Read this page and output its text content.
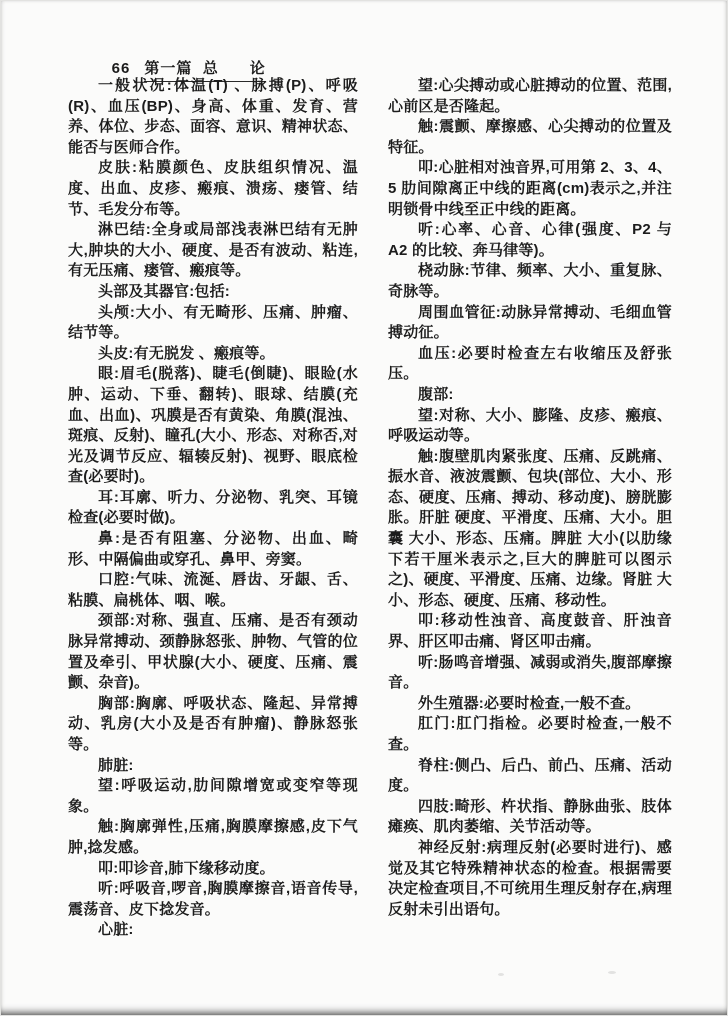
66 第一篇  总      论

一般状况:体温(T) 、脉搏(P)、呼吸(R)、血压(BP)、身高、体重、发育、营养、体位、步态、面容、意识、精神状态、能否与医师合作。

皮肤:粘膜颜色、皮肤组织情况、温度、出血、皮疹、瘢痕、溃疡、瘘管、结节、毛发分布等。

淋巴结:全身或局部浅表淋巴结有无肿大,肿块的大小、硬度、是否有波动、粘连,有无压痛、瘘管、瘢痕等。

头部及其器官:包括:

头颅:大小、有无畸形、压痛、肿瘤、结节等。

头皮:有无脱发 、瘢痕等。

眼:眉毛(脱落)、睫毛(倒睫)、眼睑(水肿、运动、下垂、翻转)、眼球、结膜(充血、出血)、巩膜是否有黄染、角膜(混浊、斑痕、反射)、瞳孔(大小、形态、对称否,对光及调节反应、辐辏反射)、视野、眼底检查(必要时)。

耳:耳廓、听力、分泌物、乳突、耳镜检查(必要时做)。

鼻:是否有阻塞、分泌物、出血、畸形、中隔偏曲或穿孔、鼻甲、旁窦。

口腔:气味、流涎、唇齿、牙龈、舌、粘膜、扁桃体、咽、喉。

颈部:对称、强直、压痛、是否有颈动脉异常搏动、颈静脉怒张、肿物、气管的位置及牵引、甲状腺(大小、硬度、压痛、震颤、杂音)。

胸部:胸廓、呼吸状态、隆起、异常搏动、乳房(大小及是否有肿瘤)、静脉怒张等。

肺脏:

望:呼吸运动,肋间隙增宽或变窄等现象。

触:胸廓弹性,压痛,胸膜摩擦感,皮下气肿,捻发感。

叩:叩诊音,肺下缘移动度。

听:呼吸音,啰音,胸膜摩擦音,语音传导,震荡音、皮下捻发音。

心脏:

望:心尖搏动或心脏搏动的位置、范围,心前区是否隆起。

触:震颤、摩擦感、心尖搏动的位置及特征。

叩:心脏相对浊音界,可用第 2、3、4、5 肋间隙离正中线的距离(cm)表示之,并注明锁骨中线至正中线的距离。

听:心率、心音、心律(强度、P2 与 A2 的比较、奔马律等)。

桡动脉:节律、频率、大小、重复脉、奇脉等。

周围血管征:动脉异常搏动、毛细血管搏动征。

血压:必要时检查左右收缩压及舒张压。

腹部:

望:对称、大小、膨隆、皮疹、瘢痕、呼吸运动等。

触:腹壁肌肉紧张度、压痛、反跳痛、振水音、液波震颤、包块(部位、大小、形态、硬度、压痛、搏动、移动度)、膀胱膨胀。肝脏 硬度、平滑度、压痛、大小。胆囊 大小、形态、压痛。脾脏 大小(以肋缘下若干厘米表示之,巨大的脾脏可以图示之)、硬度、平滑度、压痛、边缘。肾脏 大小、形态、硬度、压痛、移动性。

叩:移动性浊音、高度鼓音、肝浊音界、肝区叩击痛、肾区叩击痛。

听:肠鸣音增强、减弱或消失,腹部摩擦音。

外生殖器:必要时检查,一般不查。

肛门:肛门指检。必要时检查,一般不查。

脊柱:侧凸、后凸、前凸、压痛、活动度。

四肢:畸形、杵状指、静脉曲张、肢体瘫痪、肌肉萎缩、关节活动等。

神经反射:病理反射(必要时进行)、感觉及其它特殊精神状态的检查。根据需要决定检查项目,不可统用生理反射存在,病理反射未引出语句。
